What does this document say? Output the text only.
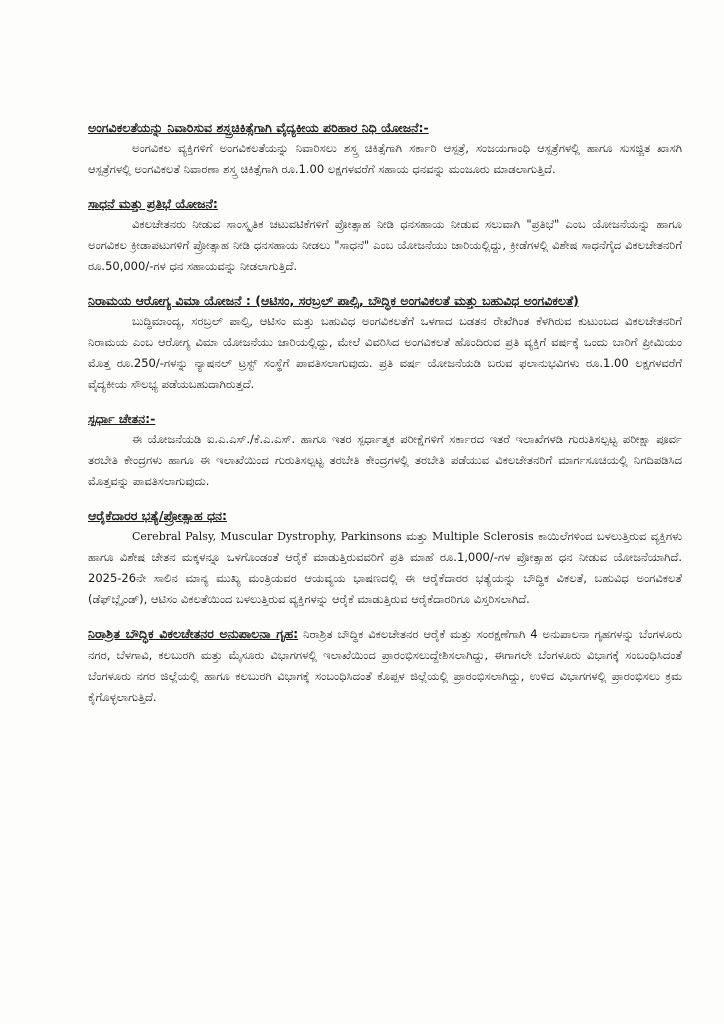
ಅಂಗವಿಕಲತೆಯನ್ನು ನಿವಾರಿಸುವ ಶಸ್ತ್ರಚಿಕಿತ್ಸೆಗಾಗಿ ವೈದ್ಯಕೀಯ ಪರಿಹಾರ ನಿಧಿ ಯೋಜನೆ:-

ಅಂಗವಿಕಲ ವ್ಯಕ್ತಿಗಳಿಗೆ ಅಂಗವಿಕಲತೆಯನ್ನು ನಿವಾರಿಸಲು ಶಸ್ತ್ರ ಚಿಕಿತ್ಸೆಗಾಗಿ ಸರ್ಕಾರಿ ಆಸ್ಪತ್ರೆ, ಸಂಜಯಗಾಂಧಿ ಆಸ್ಪತ್ರೆಗಳಲ್ಲಿ ಹಾಗೂ ಸುಸಜ್ಜಿತ ಖಾಸಗಿ ಆಸ್ಪತ್ರೆಗಳಲ್ಲಿ ಅಂಗವಿಕಲತೆ ನಿವಾರಣಾ ಶಸ್ತ್ರ ಚಿಕಿತ್ಸೆಗಾಗಿ ರೂ.1.00 ಲಕ್ಷಗಳವರೆಗೆ ಸಹಾಯ ಧನವನ್ನು ಮಂಜೂರು ಮಾಡಲಾಗುತ್ತಿದೆ.

ಸಾಧನೆ ಮತ್ತು ಪ್ರತಿಭೆ ಯೋಜನೆ:

ವಿಕಲಚೇತನರು ನೀಡುವ ಸಾಂಸ್ಕೃತಿಕ ಚಟುವಟಿಕೆಗಳಿಗೆ ಪ್ರೋತ್ಸಾಹ ನೀಡಿ ಧನಸಹಾಯ ನೀಡುವ ಸಲುವಾಗಿ "ಪ್ರತಿಭೆ" ಎಂಬ ಯೋಜನೆಯನ್ನು ಹಾಗೂ ಅಂಗವಿಕಲ ಕ್ರೀಡಾಪಟುಗಳಿಗೆ ಪ್ರೋತ್ಸಾಹ ನೀಡಿ ಧನಸಹಾಯ ನೀಡಲು "ಸಾಧನೆ" ಎಂಬ ಯೋಜನೆಯು ಜಾರಿಯಲ್ಲಿದ್ದು, ಕ್ರೀಡೆಗಳಲ್ಲಿ ವಿಶೇಷ ಸಾಧನೆಗೈದ ವಿಕಲಚೇತನರಿಗೆ ರೂ.50,000/-ಗಳ ಧನ ಸಹಾಯವನ್ನು ನೀಡಲಾಗುತ್ತಿದೆ.

ನಿರಾಮಯ ಆರೋಗ್ಯ ವಿಮಾ ಯೋಜನೆ : (ಆಟಿಸಂ, ಸರಬ್ರಲ್ ಪಾಲ್ಸಿ, ಬೌದ್ಧಿಕ ಅಂಗವಿಕಲತೆ ಮತ್ತು ಬಹುವಿಧ ಅಂಗವಿಕಲತೆ)

ಬುದ್ಧಿಮಾಂದ್ಯ, ಸರಬ್ರಲ್ ಪಾಲ್ಸಿ, ಆಟಿಸಂ ಮತ್ತು ಬಹುವಿಧ ಅಂಗವಿಕಲತೆಗೆ ಒಳಗಾದ ಬಡತನ ರೇಖೆಗಿಂತ ಕೆಳಗಿರುವ ಕುಟುಂಬದ ವಿಕಲಚೇತನರಿಗೆ ನಿರಾಮಯ ಎಂಬ ಆರೋಗ್ಯ ವಿಮಾ ಯೋಜನೆಯು ಜಾರಿಯಲ್ಲಿದ್ದು, ಮೇಲೆ ವಿವರಿಸಿದ ಅಂಗವಿಕಲತೆ ಹೊಂದಿರುವ ಪ್ರತಿ ವ್ಯಕ್ತಿಗೆ ವರ್ಷಕ್ಕೆ ಒಂದು ಬಾರಿಗೆ ಪ್ರೀಮಿಯಂ ಮೊತ್ತ ರೂ.250/-ಗಳನ್ನು ನ್ಯಾಷನಲ್ ಟ್ರಸ್ಟ್ ಸಂಸ್ಥೆಗೆ ಪಾವತಿಸಲಾಗುವುದು. ಪ್ರತಿ ವರ್ಷ ಯೋಜನೆಯಡಿ ಬರುವ ಫಲಾನುಭವಿಗಳು ರೂ.1.00 ಲಕ್ಷಗಳವರೆಗೆ ವೈದ್ಯಕೀಯ ಸೌಲಭ್ಯ ಪಡೆಯಬಹುದಾಗಿರುತ್ತದೆ.

ಸ್ಪರ್ಧಾ ಚೇತನ:-

ಈ ಯೋಜನೆಯಡಿ ಐ.ಎ.ಎಸ್./ಕೆ.ಎ.ಎಸ್. ಹಾಗೂ ಇತರ ಸ್ಪರ್ಧಾತ್ಮಕ ಪರೀಕ್ಷೆಗಳಿಗೆ ಸರ್ಕಾರದ ಇತರೆ ಇಲಾಖೆಗಳಡಿ ಗುರುತಿಸಲ್ಪಟ್ಟ ಪರೀಕ್ಷಾ ಪೂರ್ವ ತರಬೇತಿ ಕೇಂದ್ರಗಳು ಹಾಗೂ ಈ ಇಲಾಖೆಯಿಂದ ಗುರುತಿಸಲ್ಪಟ್ಟ ತರಬೇತಿ ಕೇಂದ್ರಗಳಲ್ಲಿ ತರಬೇತಿ ಪಡೆಯುವ ವಿಕಲಚೇತನರಿಗೆ ಮಾರ್ಗಸೂಚಿಯಲ್ಲಿ ನಿಗದಿಪಡಿಸಿದ ಮೊತ್ತವನ್ನು ಪಾವತಿಸಲಾಗುವುದು.

ಆರೈಕೆದಾರರ ಭತ್ಯೆ/ಪ್ರೋತ್ಸಾಹ ಧನ:

Cerebral Palsy, Muscular Dystrophy, Parkinsons ಮತ್ತು Multiple Sclerosis ಕಾಯಿಲೆಗಳಿಂದ ಬಳಲುತ್ತಿರುವ ವ್ಯಕ್ತಿಗಳು ಹಾಗೂ ವಿಶೇಷ ಚೇತನ ಮಕ್ಕಳನ್ನೂ ಒಳಗೊಂಡಂತೆ ಆರೈಕೆ ಮಾಡುತ್ತಿರುವವರಿಗೆ ಪ್ರತಿ ಮಾಹೆ ರೂ.1,000/-ಗಳ ಪ್ರೋತ್ಸಾಹ ಧನ ನೀಡುವ ಯೋಜನೆಯಾಗಿದೆ. 2025-26ನೇ ಸಾಲಿನ ಮಾನ್ಯ ಮುಖ್ಯ ಮಂತ್ರಿಯವರ ಆಯವ್ಯಯ ಭಾಷಣದಲ್ಲಿ ಈ ಆರೈಕೆದಾರರ ಭತ್ಯೆಯನ್ನು ಬೌದ್ಧಿಕ ವಿಕಲತೆ, ಬಹುವಿಧ ಅಂಗವಿಕಲತೆ (ಡೆಫ್‌ಬ್ಲೈಂಡ್), ಆಟಿಸಂ ವಿಕಲತೆಯಿಂದ ಬಳಲುತ್ತಿರುವ ವ್ಯಕ್ತಿಗಳನ್ನು ಆರೈಕೆ ಮಾಡುತ್ತಿರುವ ಆರೈಕೆದಾರರಿಗೂ ವಿಸ್ತರಿಸಲಾಗಿದೆ.

ನಿರಾಶ್ರಿತ ಬೌದ್ಧಿಕ ವಿಕಲಚೇತನರ ಅನುಪಾಲನಾ ಗೃಹ: ನಿರಾಶ್ರಿತ ಬೌದ್ಧಿಕ ವಿಕಲಚೇತನರ ಆರೈಕೆ ಮತ್ತು ಸಂರಕ್ಷಣೆಗಾಗಿ 4 ಅನುಪಾಲನಾ ಗೃಹಗಳನ್ನು ಬೆಂಗಳೂರು ನಗರ, ಬೆಳಗಾವಿ, ಕಲಬುರಗಿ ಮತ್ತು ಮೈಸೂರು ವಿಭಾಗಗಳಲ್ಲಿ ಇಲಾಖೆಯಿಂದ ಪ್ರಾರಂಭಿಸಲುದ್ದೇಶಿಸಲಾಗಿದ್ದು, ಈಗಾಗಲೇ ಬೆಂಗಳೂರು ವಿಭಾಗಕ್ಕೆ ಸಂಬಂಧಿಸಿದಂತೆ ಬೆಂಗಳೂರು ನಗರ ಜಿಲ್ಲೆಯಲ್ಲಿ ಹಾಗೂ ಕಲಬುರಗಿ ವಿಭಾಗಕ್ಕೆ ಸಂಬಂಧಿಸಿದಂತೆ ಕೊಪ್ಪಳ ಜಿಲ್ಲೆಯಲ್ಲಿ ಪ್ರಾರಂಭಿಸಲಾಗಿದ್ದು, ಉಳಿದ ವಿಭಾಗಗಳಲ್ಲಿ ಪ್ರಾರಂಭಿಸಲು ಕ್ರಮ ಕೈಗೊಳ್ಳಲಾಗುತ್ತಿದೆ.
